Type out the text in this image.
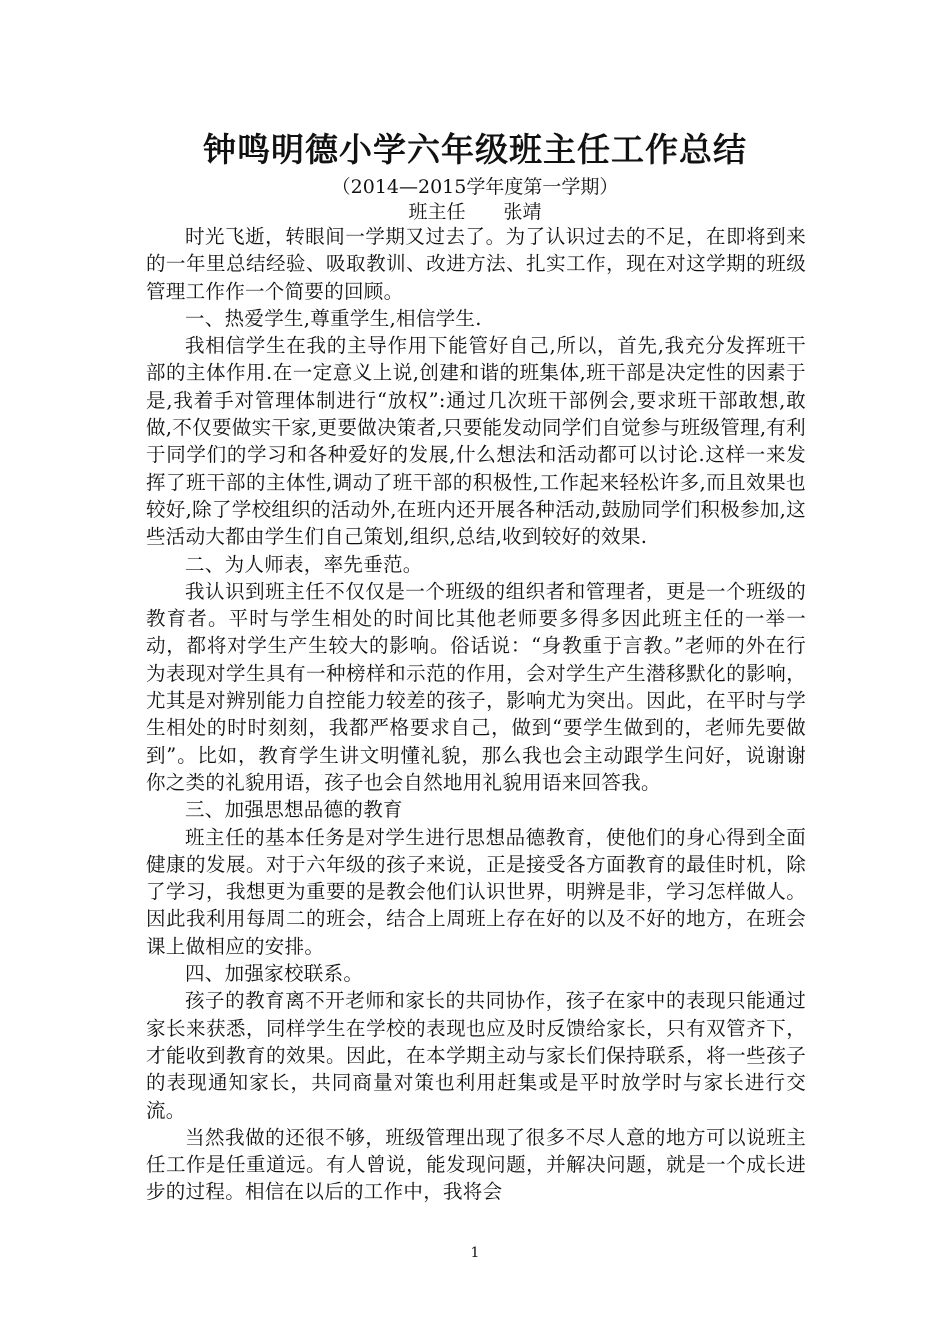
钟鸣明德小学六年级班主任工作总结
（2014—2015学年度第一学期）
班主任　　张靖

时光飞逝，转眼间一学期又过去了。为了认识过去的不足，在即将到来的一年里总结经验、吸取教训、改进方法、扎实工作，现在对这学期的班级管理工作作一个简要的回顾。

一、热爱学生,尊重学生,相信学生.

我相信学生在我的主导作用下能管好自己,所以，首先,我充分发挥班干部的主体作用.在一定意义上说,创建和谐的班集体,班干部是决定性的因素于是,我着手对管理体制进行“放权”:通过几次班干部例会,要求班干部敢想,敢做,不仅要做实干家,更要做决策者,只要能发动同学们自觉参与班级管理,有利于同学们的学习和各种爱好的发展,什么想法和活动都可以讨论.这样一来发挥了班干部的主体性,调动了班干部的积极性,工作起来轻松许多,而且效果也较好,除了学校组织的活动外,在班内还开展各种活动,鼓励同学们积极参加,这些活动大都由学生们自己策划,组织,总结,收到较好的效果.

二、为人师表，率先垂范。

我认识到班主任不仅仅是一个班级的组织者和管理者，更是一个班级的教育者。平时与学生相处的时间比其他老师要多得多因此班主任的一举一动，都将对学生产生较大的影响。俗话说：“身教重于言教。”老师的外在行为表现对学生具有一种榜样和示范的作用，会对学生产生潜移默化的影响，尤其是对辨别能力自控能力较差的孩子，影响尤为突出。因此，在平时与学生相处的时时刻刻，我都严格要求自己，做到“要学生做到的，老师先要做到”。比如，教育学生讲文明懂礼貌，那么我也会主动跟学生问好，说谢谢你之类的礼貌用语，孩子也会自然地用礼貌用语来回答我。

三、加强思想品德的教育

班主任的基本任务是对学生进行思想品德教育，使他们的身心得到全面健康的发展。对于六年级的孩子来说，正是接受各方面教育的最佳时机，除了学习，我想更为重要的是教会他们认识世界，明辨是非，学习怎样做人。因此我利用每周二的班会，结合上周班上存在好的以及不好的地方，在班会课上做相应的安排。

四、加强家校联系。

孩子的教育离不开老师和家长的共同协作，孩子在家中的表现只能通过家长来获悉，同样学生在学校的表现也应及时反馈给家长，只有双管齐下，才能收到教育的效果。因此，在本学期主动与家长们保持联系，将一些孩子的表现通知家长，共同商量对策也利用赶集或是平时放学时与家长进行交流。

当然我做的还很不够，班级管理出现了很多不尽人意的地方可以说班主任工作是任重道远。有人曾说，能发现问题，并解决问题，就是一个成长进步的过程。相信在以后的工作中，我将会

1
